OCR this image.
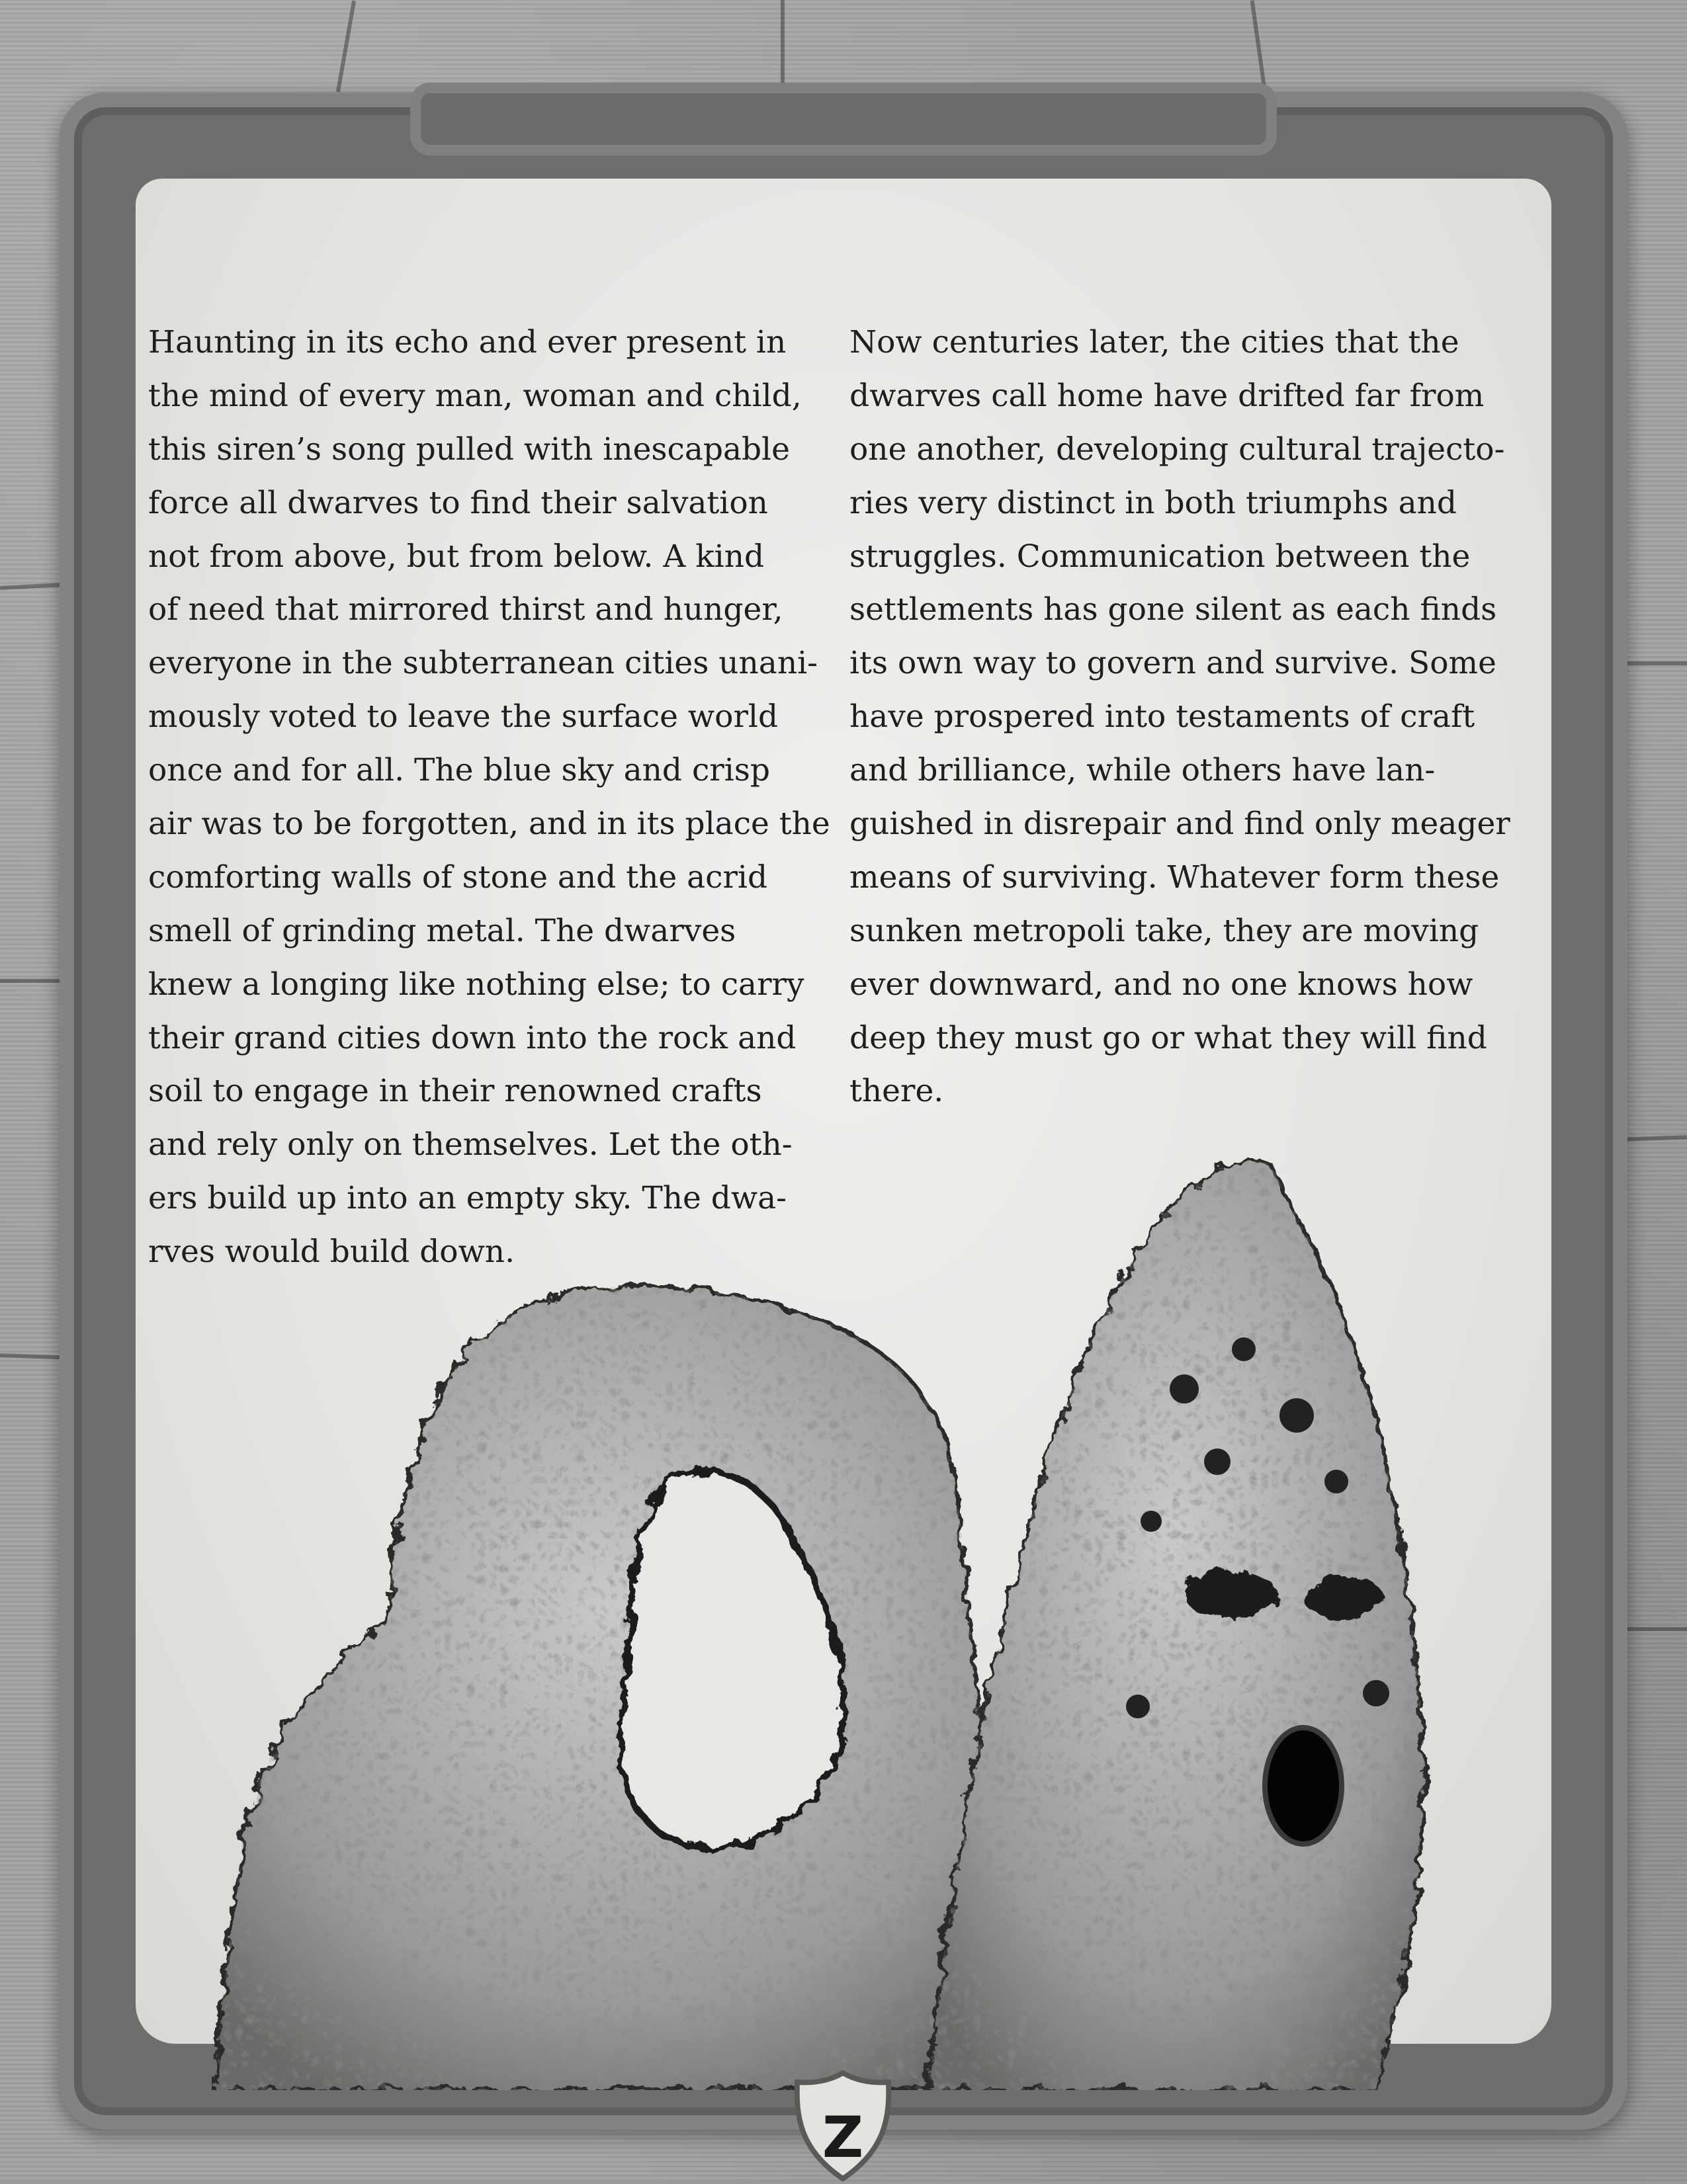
Haunting in its echo and ever present in
the mind of every man, woman and child,
this siren’s song pulled with inescapable
force all dwarves to find their salvation
not from above, but from below. A kind
of need that mirrored thirst and hunger,
everyone in the subterranean cities unani-
mously voted to leave the surface world
once and for all. The blue sky and crisp
air was to be forgotten, and in its place the
comforting walls of stone and the acrid
smell of grinding metal. The dwarves
knew a longing like nothing else; to carry
their grand cities down into the rock and
soil to engage in their renowned crafts
and rely only on themselves. Let the oth-
ers build up into an empty sky. The dwa-
rves would build down.
Now centuries later, the cities that the
dwarves call home have drifted far from
one another, developing cultural trajecto-
ries very distinct in both triumphs and
struggles. Communication between the
settlements has gone silent as each finds
its own way to govern and survive. Some
have prospered into testaments of craft
and brilliance, while others have lan-
guished in disrepair and find only meager
means of surviving. Whatever form these
sunken metropoli take, they are moving
ever downward, and no one knows how
deep they must go or what they will find
there.
Z
